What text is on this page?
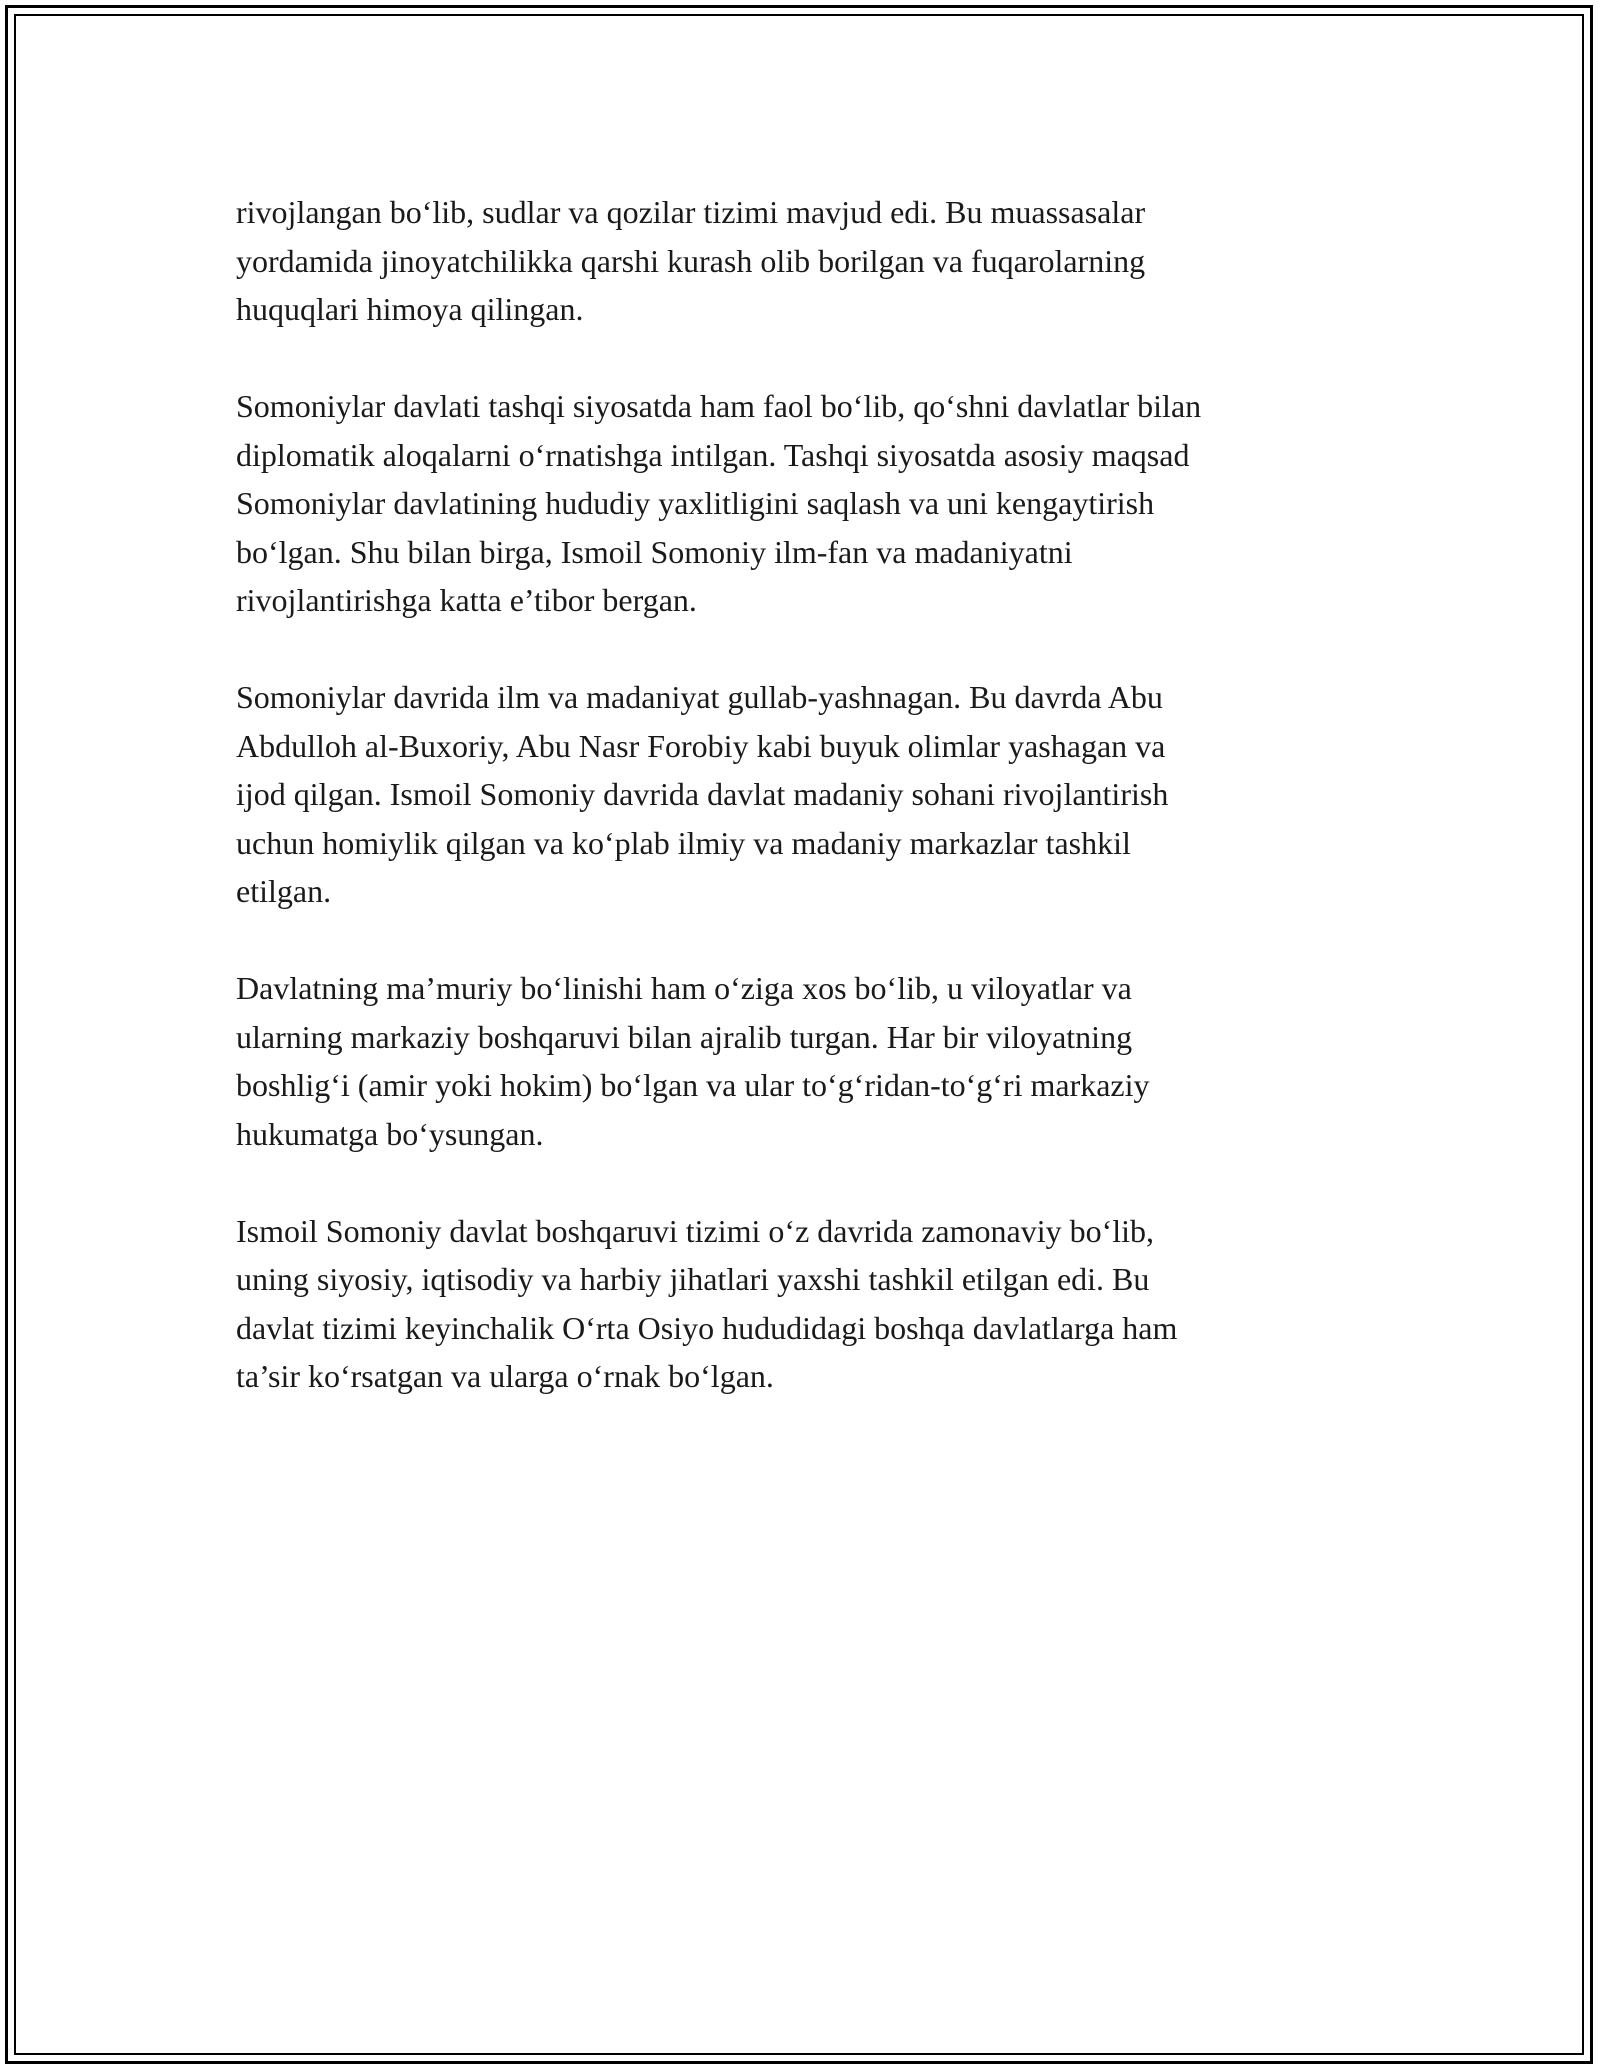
rivojlangan bo‘lib, sudlar va qozilar tizimi mavjud edi. Bu muassasalar
yordamida jinoyatchilikka qarshi kurash olib borilgan va fuqarolarning
huquqlari himoya qilingan.

Somoniylar davlati tashqi siyosatda ham faol bo‘lib, qo‘shni davlatlar bilan
diplomatik aloqalarni o‘rnatishga intilgan. Tashqi siyosatda asosiy maqsad
Somoniylar davlatining hududiy yaxlitligini saqlash va uni kengaytirish
bo‘lgan. Shu bilan birga, Ismoil Somoniy ilm-fan va madaniyatni
rivojlantirishga katta e’tibor bergan.

Somoniylar davrida ilm va madaniyat gullab-yashnagan. Bu davrda Abu
Abdulloh al-Buxoriy, Abu Nasr Forobiy kabi buyuk olimlar yashagan va
ijod qilgan. Ismoil Somoniy davrida davlat madaniy sohani rivojlantirish
uchun homiylik qilgan va ko‘plab ilmiy va madaniy markazlar tashkil
etilgan.

Davlatning ma’muriy bo‘linishi ham o‘ziga xos bo‘lib, u viloyatlar va
ularning markaziy boshqaruvi bilan ajralib turgan. Har bir viloyatning
boshlig‘i (amir yoki hokim) bo‘lgan va ular to‘g‘ridan-to‘g‘ri markaziy
hukumatga bo‘ysungan.

Ismoil Somoniy davlat boshqaruvi tizimi o‘z davrida zamonaviy bo‘lib,
uning siyosiy, iqtisodiy va harbiy jihatlari yaxshi tashkil etilgan edi. Bu
davlat tizimi keyinchalik O‘rta Osiyo hududidagi boshqa davlatlarga ham
ta’sir ko‘rsatgan va ularga o‘rnak bo‘lgan.
